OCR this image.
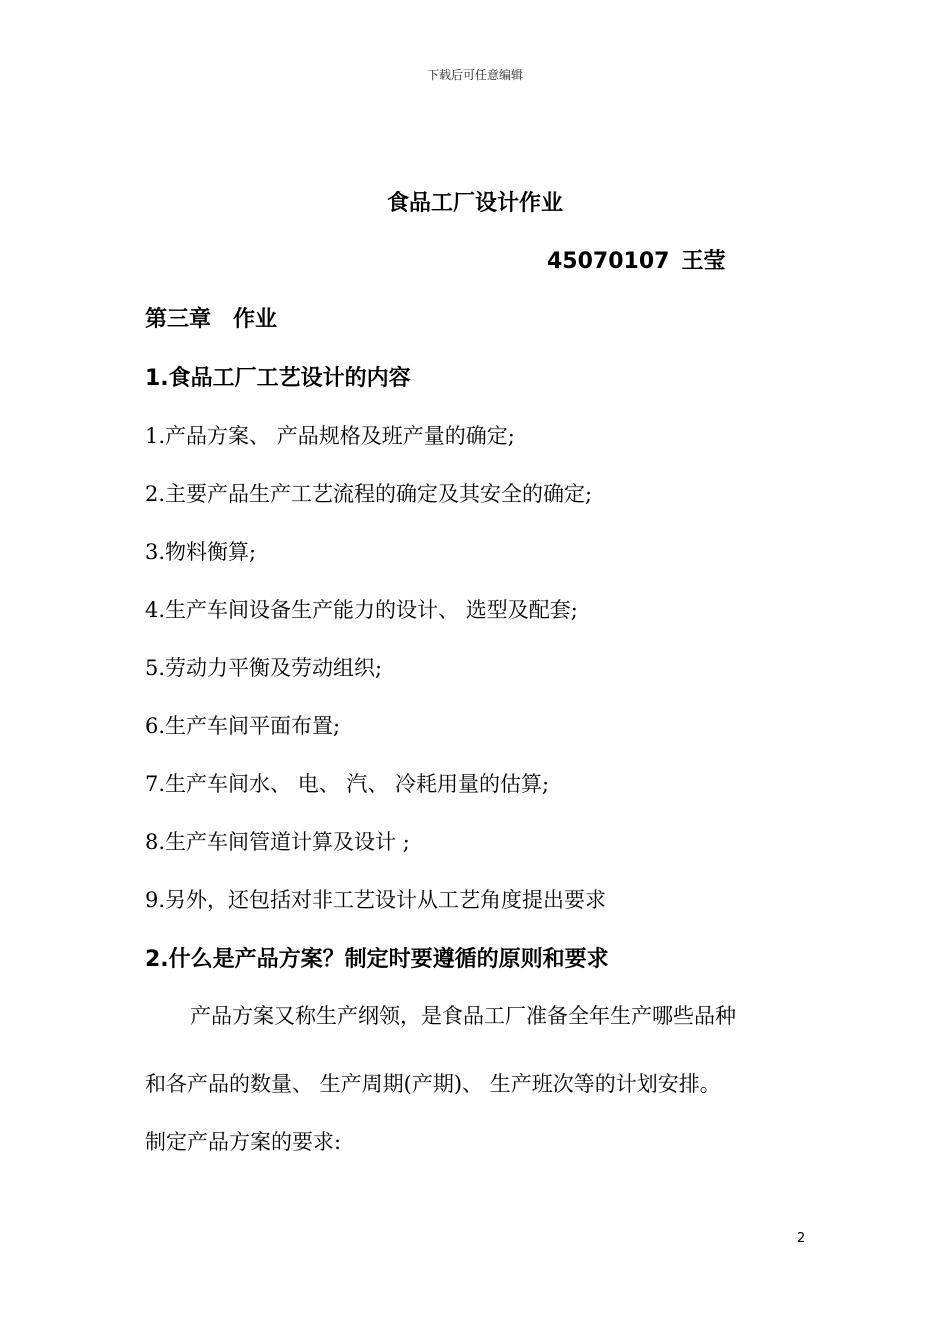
下载后可任意编辑
食品工厂设计作业
45070107 王莹
第三章　作业
1.食品工厂工艺设计的内容
1.产品方案、 产品规格及班产量的确定;
2.主要产品生产工艺流程的确定及其安全的确定;
3.物料衡算;
4.生产车间设备生产能力的设计、 选型及配套;
5.劳动力平衡及劳动组织;
6.生产车间平面布置;
7.生产车间水、 电、 汽、 冷耗用量的估算;
8.生产车间管道计算及设计 ;
9.另外，还包括对非工艺设计从工艺角度提出要求
2.什么是产品方案？制定时要遵循的原则和要求
产品方案又称生产纲领，是食品工厂准备全年生产哪些品种
和各产品的数量、 生产周期(产期)、 生产班次等的计划安排。
制定产品方案的要求:
2
